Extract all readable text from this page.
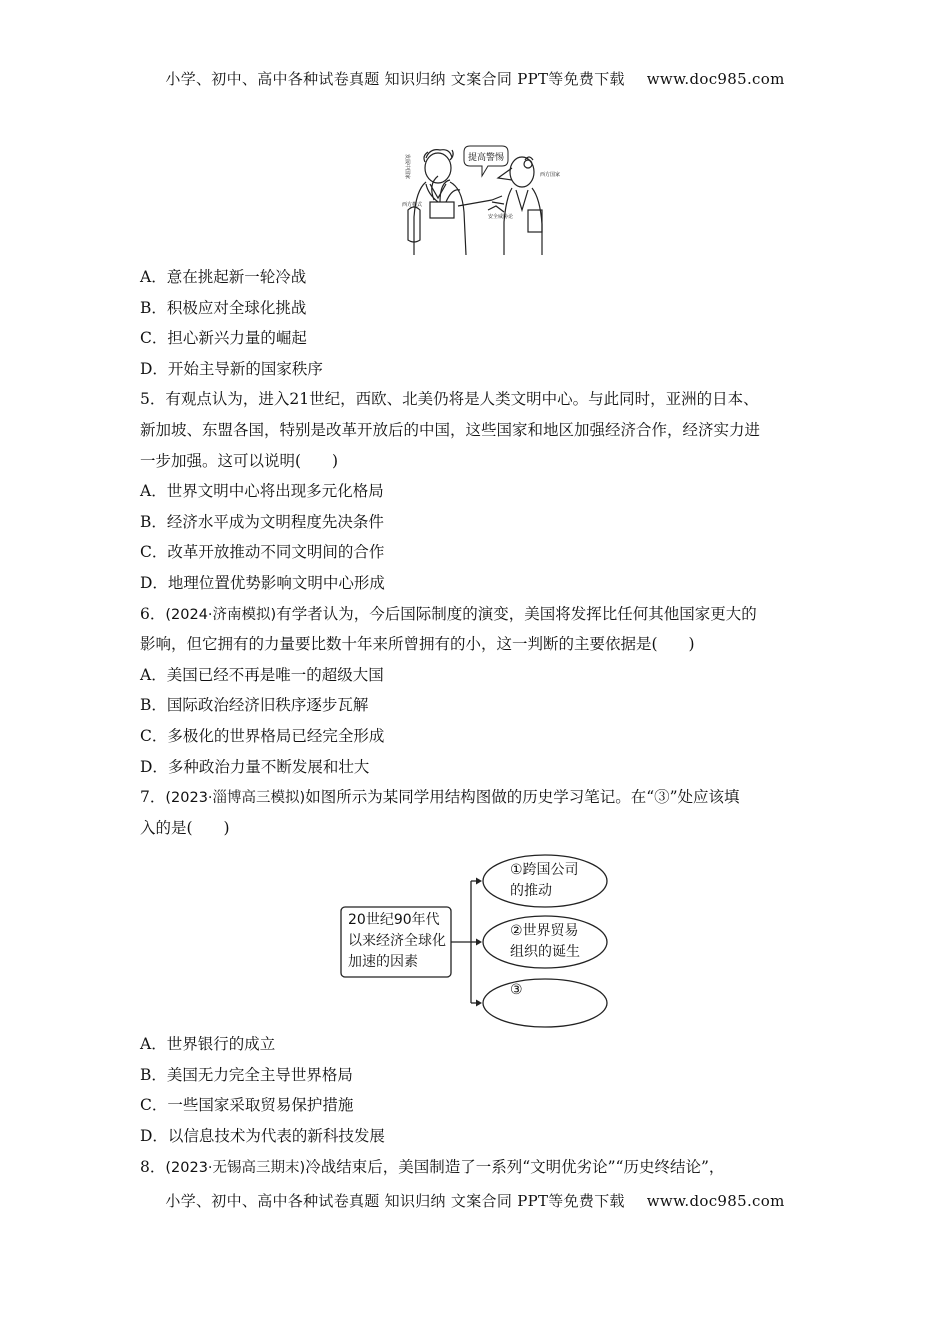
小学、初中、高中各种试卷真题 知识归纳 文案合同 PPT等免费下载 www.doc985.com
提高警惕
发展中国家
西方模式
西方国家
安全威胁论
A．意在挑起新一轮冷战
B．积极应对全球化挑战
C．担心新兴力量的崛起
D．开始主导新的国家秩序
5．有观点认为，进入21世纪，西欧、北美仍将是人类文明中心。与此同时，亚洲的日本、
新加坡、东盟各国，特别是改革开放后的中国，这些国家和地区加强经济合作，经济实力进
一步加强。这可以说明(　　)
A．世界文明中心将出现多元化格局
B．经济水平成为文明程度先决条件
C．改革开放推动不同文明间的合作
D．地理位置优势影响文明中心形成
6．(2024·济南模拟)有学者认为，今后国际制度的演变，美国将发挥比任何其他国家更大的
影响，但它拥有的力量要比数十年来所曾拥有的小，这一判断的主要依据是(　　)
A．美国已经不再是唯一的超级大国
B．国际政治经济旧秩序逐步瓦解
C．多极化的世界格局已经完全形成
D．多种政治力量不断发展和壮大
7．(2023·淄博高三模拟)如图所示为某同学用结构图做的历史学习笔记。在“③”处应该填
入的是(　　)
20世纪90年代
以来经济全球化
加速的因素
①跨国公司
的推动
②世界贸易
组织的诞生
③
A．世界银行的成立
B．美国无力完全主导世界格局
C．一些国家采取贸易保护措施
D．以信息技术为代表的新科技发展
8．(2023·无锡高三期末)冷战结束后，美国制造了一系列“文明优劣论”“历史终结论”，
小学、初中、高中各种试卷真题 知识归纳 文案合同 PPT等免费下载 www.doc985.com
